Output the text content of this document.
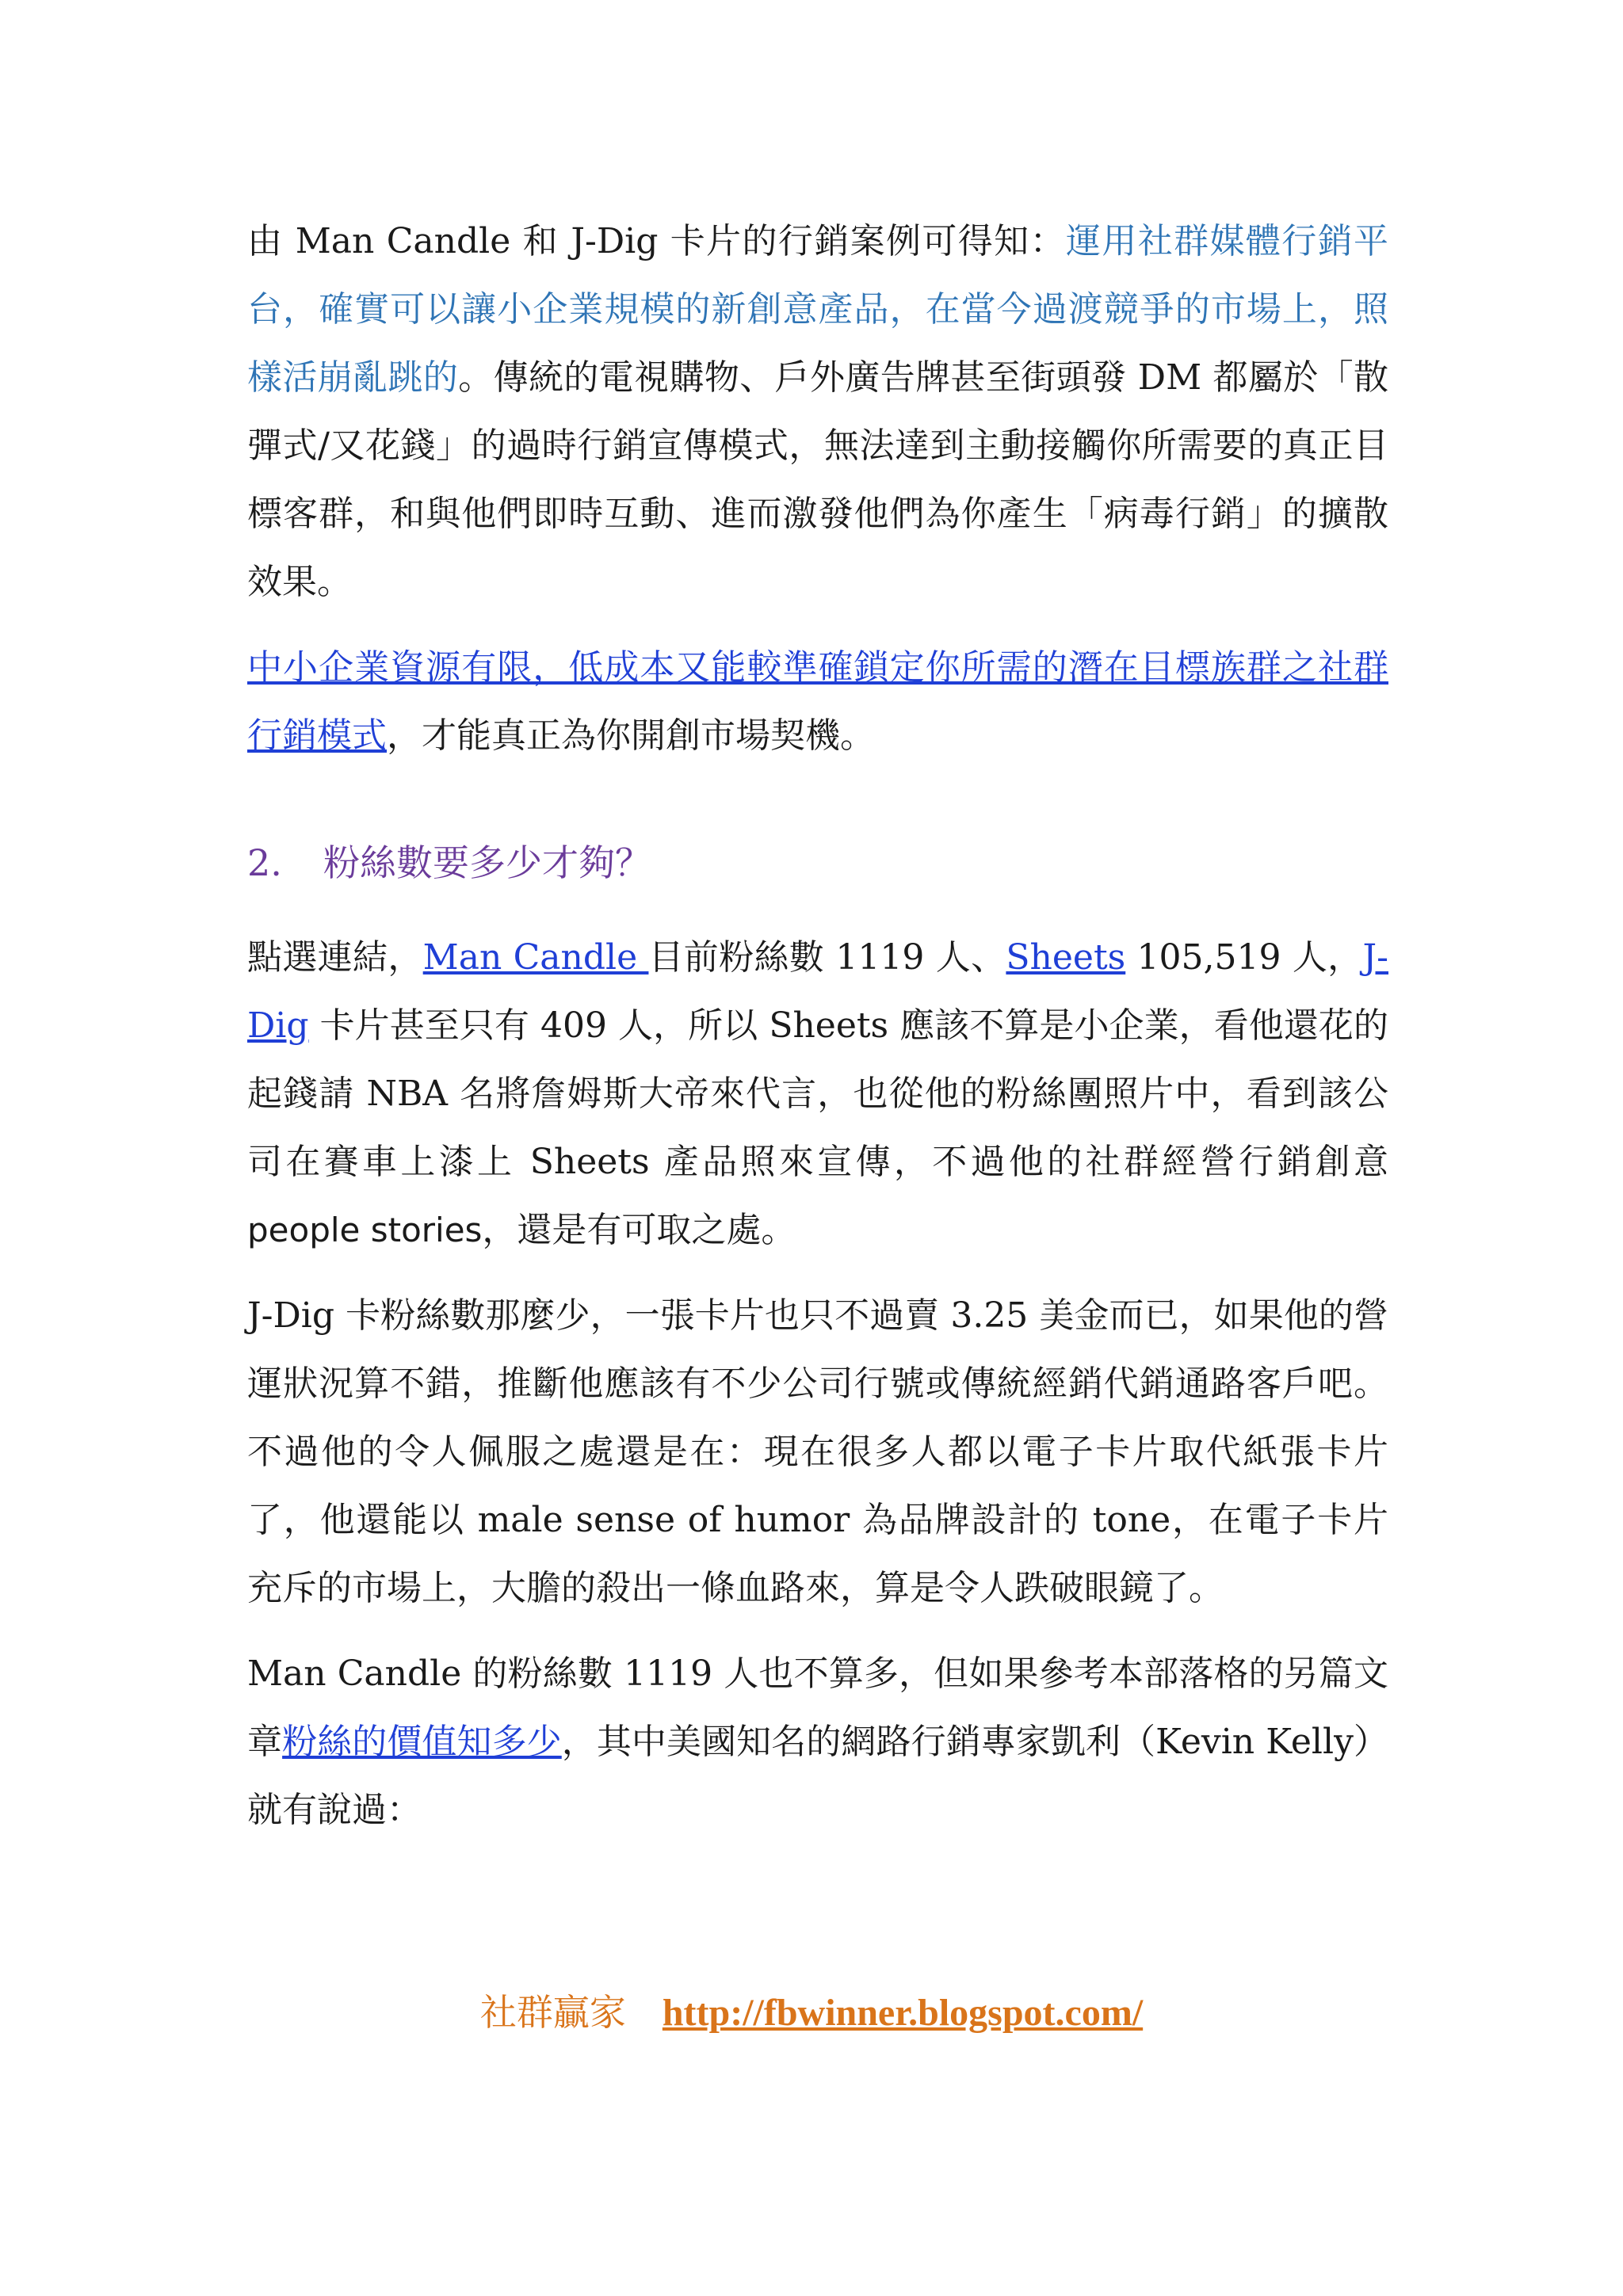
由 Man Candle 和 J-Dig 卡片的行銷案例可得知：運用社群媒體行銷平台，確實可以讓小企業規模的新創意產品，在當今過渡競爭的市場上，照樣活崩亂跳的。傳統的電視購物、戶外廣告牌甚至街頭發 DM 都屬於「散彈式/又花錢」的過時行銷宣傳模式，無法達到主動接觸你所需要的真正目標客群，和與他們即時互動、進而激發他們為你產生「病毒行銷」的擴散效果。

中小企業資源有限，低成本又能較準確鎖定你所需的潛在目標族群之社群行銷模式，才能真正為你開創市場契機。

2. 粉絲數要多少才夠？

點選連結，Man Candle 目前粉絲數 1119 人、Sheets 105,519 人，J-Dig 卡片甚至只有 409 人，所以 Sheets 應該不算是小企業，看他還花的起錢請 NBA 名將詹姆斯大帝來代言，也從他的粉絲團照片中，看到該公司在賽車上漆上 Sheets 產品照來宣傳，不過他的社群經營行銷創意 people stories，還是有可取之處。

J-Dig 卡粉絲數那麼少，一張卡片也只不過賣 3.25 美金而已，如果他的營運狀況算不錯，推斷他應該有不少公司行號或傳統經銷代銷通路客戶吧。不過他的令人佩服之處還是在：現在很多人都以電子卡片取代紙張卡片了，他還能以 male sense of humor 為品牌設計的 tone，在電子卡片充斥的市場上，大膽的殺出一條血路來，算是令人跌破眼鏡了。

Man Candle 的粉絲數 1119 人也不算多，但如果參考本部落格的另篇文章粉絲的價值知多少，其中美國知名的網路行銷專家凱利（Kevin Kelly）就有說過：

社群贏家 http://fbwinner.blogspot.com/
